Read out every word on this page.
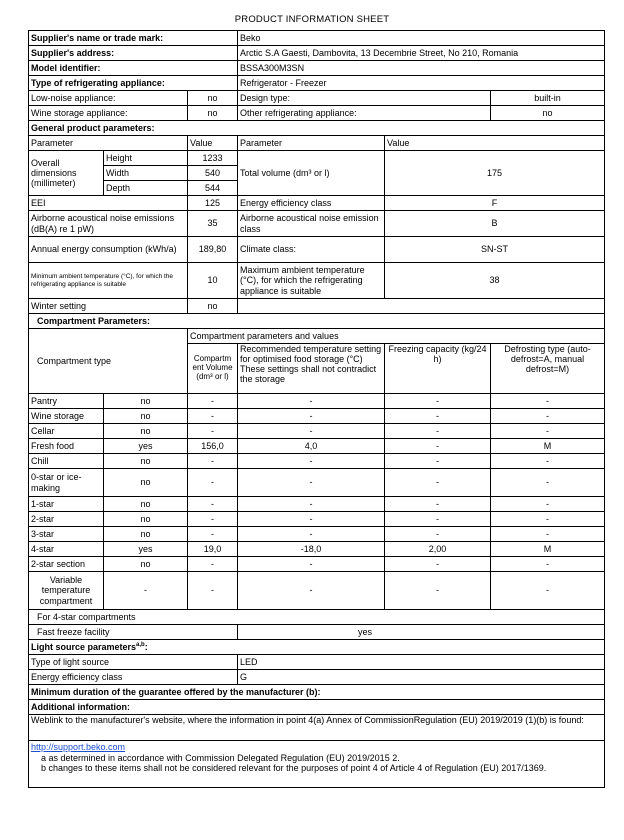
PRODUCT INFORMATION SHEET
Supplier's name or trade mark:			Beko		
Supplier's address:			Arctic S.A Gaesti, Dambovita, 13 Decembrie Street, No 210, Romania		
Model identifier:			BSSA300M3SN		
Type of refrigerating appliance:			Refrigerator - Freezer		
Low-noise appliance:		no	Design type:		built-in
Wine storage appliance:		no	Other refrigerating appliance:		no
General product parameters:					
Parameter		Value	Parameter	Value	
Overall dimensions (millimeter)	Height	1233	Total volume (dm³ or l)	175	
	Width	540			
	Depth	544			
EEI		125	Energy efficiency class	F	
Airborne acoustical noise emissions (dB(A) re 1 pW)		35	Airborne acoustical noise emission class	B	
Annual energy consumption (kWh/a)		189,80	Climate class:	SN-ST	
Minimum ambient temperature (°C), for which the refrigerating appliance is suitable		10	Maximum ambient temperature (°C), for which the refrigerating appliance is suitable	38	
Winter setting		no			
Compartment Parameters:					
Compartment type		Compartment parameters and values			
		Compartm ent Volume (dm³ or l)	Recommended temperature setting for optimised food storage (°C) These settings shall not contradict the storage	Freezing capacity (kg/24 h)	Defrosting type (auto-defrost=A, manual defrost=M)
Pantry	no	-	-	-	-
Wine storage	no	-	-	-	-
Cellar	no	-	-	-	-
Fresh food	yes	156,0	4,0	-	M
Chill	no	-	-	-	-
0-star or ice-making	no	-	-	-	-
1-star	no	-	-	-	-
2-star	no	-	-	-	-
3-star	no	-	-	-	-
4-star	yes	19,0	-18,0	2,00	M
2-star section	no	-	-	-	-
Variable temperature compartment	-	-	-	-	-
For 4-star compartments					
Fast freeze facility			yes		
Light source parameters$^{a,b}$:					
Type of light source			LED		
Energy efficiency class			G		
Minimum duration of the guarantee offered by the manufacturer (b):					
Additional information:					
Weblink to the manufacturer's website, where the information in point 4(a) Annex of CommissionRegulation (EU) 2019/2019 (1)(b) is found:					

http://support.beko.com
a as determined in accordance with Commission Delegated Regulation (EU) 2019/2015 2.
b changes to these items shall not be considered relevant for the purposes of point 4 of Article 4 of Regulation (EU) 2017/1369.					
